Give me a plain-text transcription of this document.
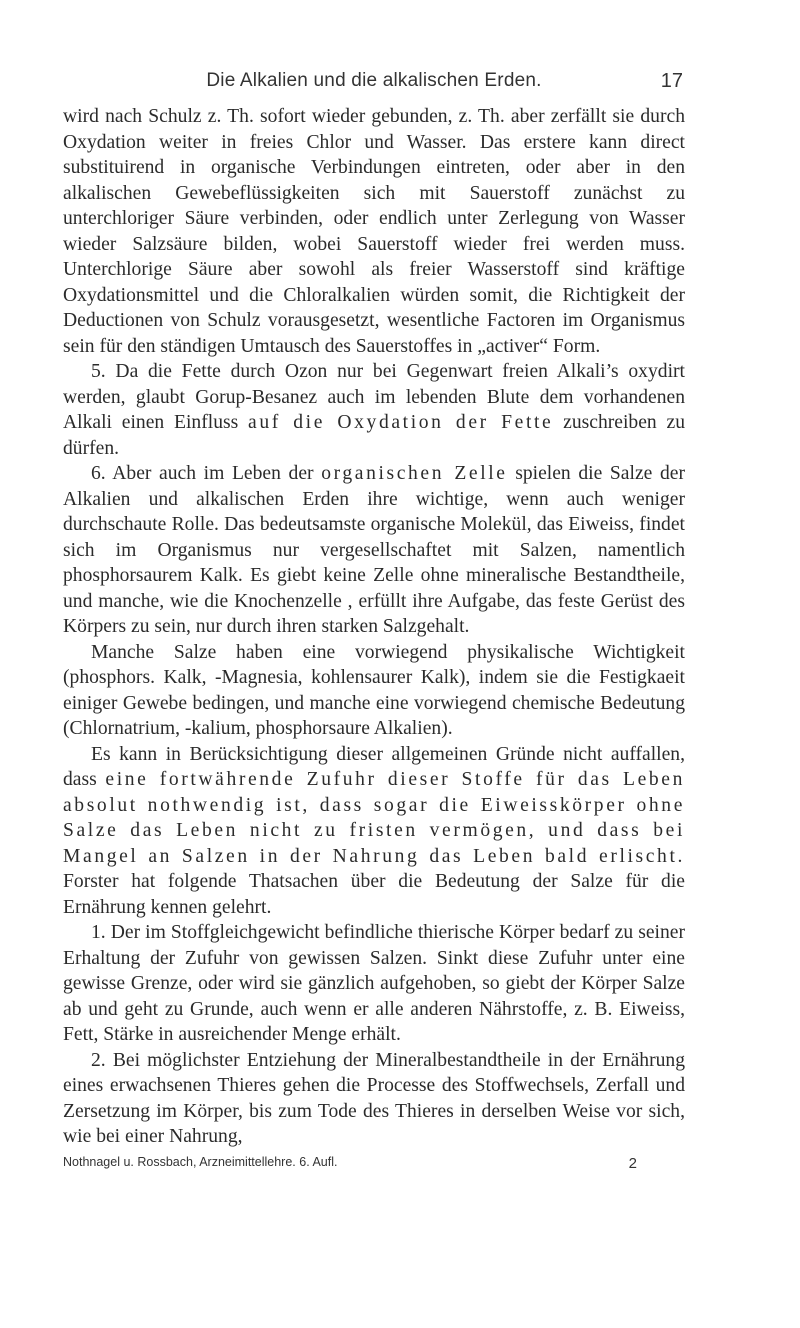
Die Alkalien und die alkalischen Erden.	17

wird nach Schulz z. Th. sofort wieder gebunden, z. Th. aber zerfällt sie durch Oxydation weiter in freies Chlor und Wasser. Das erstere kann direct substituirend in organische Verbindungen eintreten, oder aber in den alkalischen Gewebeflüssigkeiten sich mit Sauerstoff zunächst zu unterchloriger Säure verbinden, oder endlich unter Zerlegung von Wasser wieder Salzsäure bilden, wobei Sauerstoff wieder frei werden muss. Unterchlorige Säure aber sowohl als freier Wasserstoff sind kräftige Oxydationsmittel und die Chloralkalien würden somit, die Richtigkeit der Deductionen von Schulz vorausgesetzt, wesentliche Factoren im Organismus sein für den ständigen Umtausch des Sauerstoffes in „activer“ Form.

5. Da die Fette durch Ozon nur bei Gegenwart freien Alkali’s oxydirt werden, glaubt Gorup-Besanez auch im lebenden Blute dem vorhandenen Alkali einen Einfluss auf die Oxydation der Fette zuschreiben zu dürfen.

6. Aber auch im Leben der organischen Zelle spielen die Salze der Alkalien und alkalischen Erden ihre wichtige, wenn auch weniger durchschaute Rolle. Das bedeutsamste organische Molekül, das Eiweiss, findet sich im Organismus nur vergesellschaftet mit Salzen, namentlich phosphorsaurem Kalk. Es giebt keine Zelle ohne mineralische Bestandtheile, und manche, wie die Knochenzelle , erfüllt ihre Aufgabe, das feste Gerüst des Körpers zu sein, nur durch ihren starken Salzgehalt.

Manche Salze haben eine vorwiegend physikalische Wichtigkeit (phosphors. Kalk, -Magnesia, kohlensaurer Kalk), indem sie die Festigkaeit einiger Gewebe bedingen, und manche eine vorwiegend chemische Bedeutung (Chlornatrium, -kalium, phosphorsaure Alkalien).

Es kann in Berücksichtigung dieser allgemeinen Gründe nicht auffallen, dass eine fortwährende Zufuhr dieser Stoffe für das Leben absolut nothwendig ist, dass sogar die Eiweisskörper ohne Salze das Leben nicht zu fristen vermögen, und dass bei Mangel an Salzen in der Nahrung das Leben bald erlischt. Forster hat folgende Thatsachen über die Bedeutung der Salze für die Ernährung kennen gelehrt.

1. Der im Stoffgleichgewicht befindliche thierische Körper bedarf zu seiner Erhaltung der Zufuhr von gewissen Salzen. Sinkt diese Zufuhr unter eine gewisse Grenze, oder wird sie gänzlich aufgehoben, so giebt der Körper Salze ab und geht zu Grunde, auch wenn er alle anderen Nährstoffe, z. B. Eiweiss, Fett, Stärke in ausreichender Menge erhält.

2. Bei möglichster Entziehung der Mineralbestandtheile in der Ernährung eines erwachsenen Thieres gehen die Processe des Stoffwechsels, Zerfall und Zersetzung im Körper, bis zum Tode des Thieres in derselben Weise vor sich, wie bei einer Nahrung,

Nothnagel u. Rossbach, Arzneimittellehre. 6. Aufl.	2
